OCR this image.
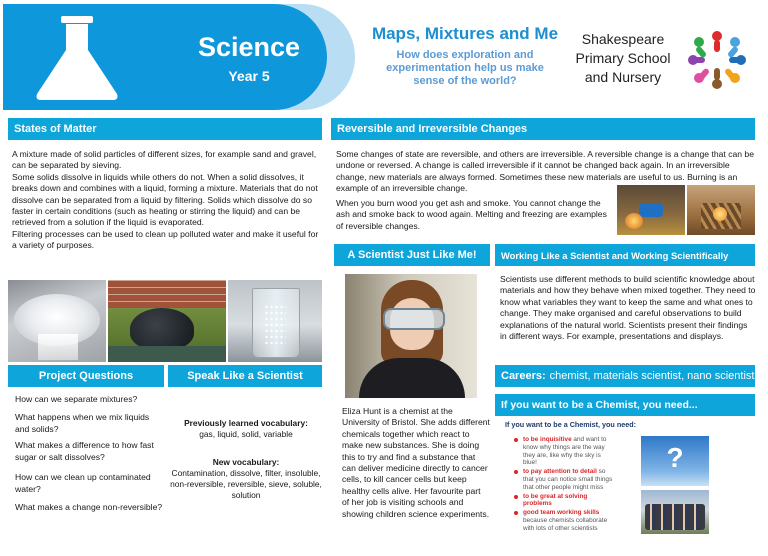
Science
Year 5
Maps, Mixtures and Me
How does exploration and experimentation help us make sense of the world?
Shakespeare
Primary School
and Nursery
States of Matter

A mixture made of solid particles of different sizes, for example sand and gravel, can be separated by sieving.

Some solids dissolve in liquids while others do not. When a solid dissolves, it breaks down and combines with a liquid, forming a mixture. Materials that do not dissolve can be separated from a liquid by filtering. Solids which dissolve do so faster in certain conditions (such as heating or stirring the liquid) and can be retrieved from a solution if the liquid is evaporated.

Filtering processes can be used to clean up polluted water and make it useful for a variety of purposes.

Project Questions
How can we separate mixtures?
What happens when we mix liquids and solids?
What makes a difference to how fast sugar or salt dissolves?
How can we clean up contaminated water?
What makes a change non-reversible?
Speak Like a Scientist
Previously learned vocabulary:
gas, liquid, solid, variable
New vocabulary:
Contamination, dissolve, filter, insoluble, non-reversible, reversible, sieve, soluble, solution
Reversible and Irreversible Changes
Some changes of state are reversible, and others are irreversible. A reversible change is a change that can be undone or reversed. A change is called irreversible if it cannot be changed back again. In an irreversible change, new materials are always formed. Sometimes these new materials are useful to us. Burning is an example of an irreversible change.
When you burn wood you get ash and smoke. You cannot change the ash and smoke back to wood again. Melting and freezing are examples of reversible changes.
A Scientist Just Like Me!
Eliza Hunt is a chemist at the University of Bristol. She adds different chemicals together which react to make new substances. She is doing this to try and find a substance that can deliver medicine directly to cancer cells, to kill cancer cells but keep healthy cells alive. Her favourite part of her job is visiting schools and showing children science experiments.
Working Like a Scientist and Working Scientifically
Scientists use different methods to build scientific knowledge about materials and how they behave when mixed together. They need to know what variables they want to keep the same and what ones to change. They make organised and careful observations to build explanations of the natural world. Scientists present their findings in different ways. For example, presentations and displays.
Careers: chemist, materials scientist, nano scientist
If you want to be a Chemist, you need...
If you want to be a Chemist, you need:
to be inquisitive and want to know why things are the way they are, like why the sky is blue!
to pay attention to detail so that you can notice small things that other people might miss
to be great at solving problems
good team working skills because chemists collaborate with lots of other scientists
?
